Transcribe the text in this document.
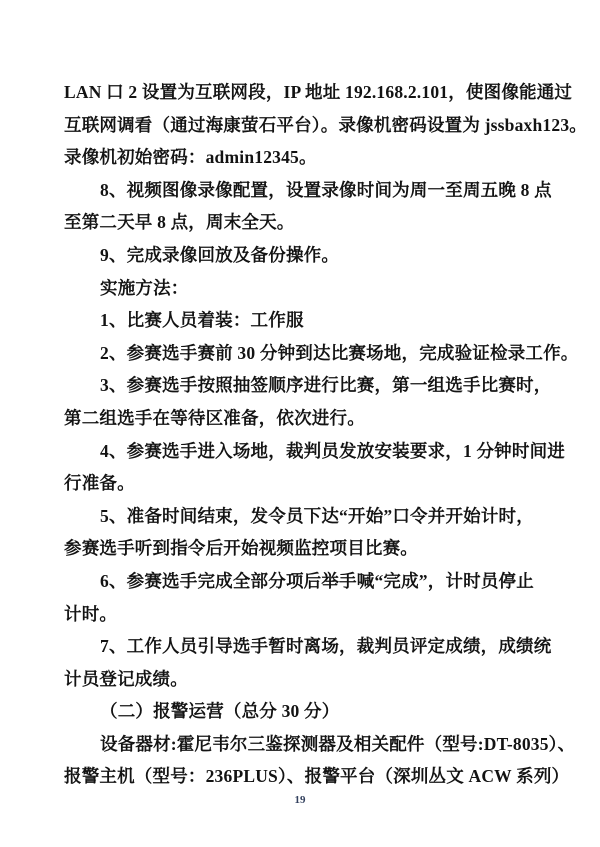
LAN 口 2 设置为互联网段，IP 地址 192.168.2.101，使图像能通过
互联网调看（通过海康萤石平台）。录像机密码设置为 jssbaxh123。
录像机初始密码：admin12345。
8、视频图像录像配置，设置录像时间为周一至周五晚 8 点
至第二天早 8 点，周末全天。
9、完成录像回放及备份操作。
实施方法：
1、比赛人员着装：工作服
2、参赛选手赛前 30 分钟到达比赛场地，完成验证检录工作。
3、参赛选手按照抽签顺序进行比赛，第一组选手比赛时，
第二组选手在等待区准备，依次进行。
4、参赛选手进入场地，裁判员发放安装要求，1 分钟时间进
行准备。
5、准备时间结束，发令员下达“开始”口令并开始计时，
参赛选手听到指令后开始视频监控项目比赛。
6、参赛选手完成全部分项后举手喊“完成”，计时员停止
计时。
7、工作人员引导选手暂时离场，裁判员评定成绩，成绩统
计员登记成绩。
（二）报警运营（总分 30 分）
设备器材:霍尼韦尔三鉴探测器及相关配件（型号:DT-8035）、
报警主机（型号：236PLUS）、报警平台（深圳丛文 ACW 系列）
19
